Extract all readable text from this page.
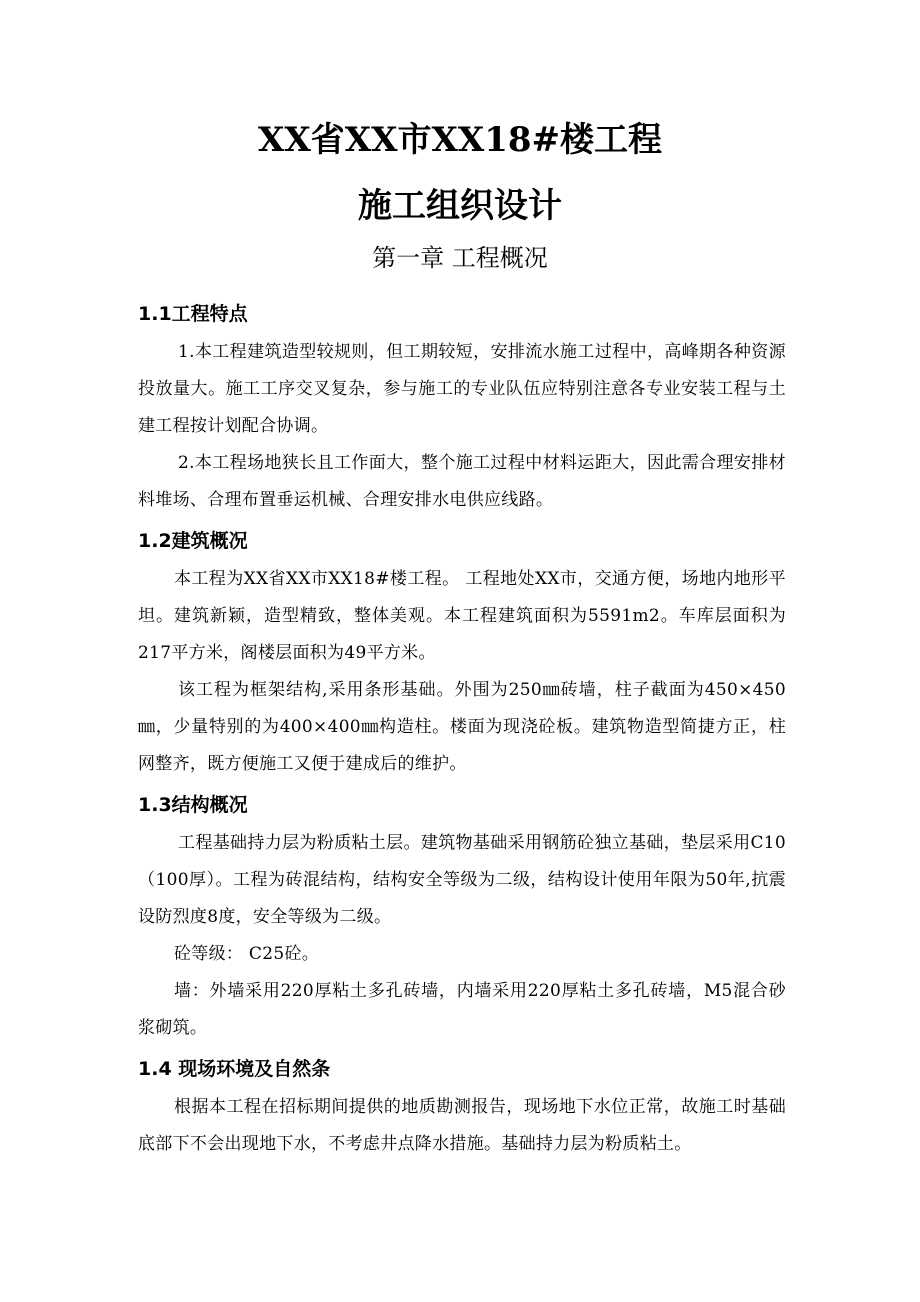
XX省XX市XX18#楼工程
施工组织设计
第一章 工程概况
1.1工程特点

1.本工程建筑造型较规则，但工期较短，安排流水施工过程中，高峰期各种资源投放量大。施工工序交叉复杂，参与施工的专业队伍应特别注意各专业安装工程与土建工程按计划配合协调。

2.本工程场地狭长且工作面大，整个施工过程中材料运距大，因此需合理安排材料堆场、合理布置垂运机械、合理安排水电供应线路。

1.2建筑概况

本工程为XX省XX市XX18#楼工程。 工程地处XX市，交通方便，场地内地形平坦。建筑新颖，造型精致，整体美观。本工程建筑面积为5591m2。车库层面积为217平方米，阁楼层面积为49平方米。

该工程为框架结构,采用条形基础。外围为250㎜砖墙，柱子截面为450×450㎜，少量特别的为400×400㎜构造柱。楼面为现浇砼板。建筑物造型简捷方正，柱网整齐，既方便施工又便于建成后的维护。

1.3结构概况

工程基础持力层为粉质粘土层。建筑物基础采用钢筋砼独立基础，垫层采用C10（100厚）。工程为砖混结构，结构安全等级为二级，结构设计使用年限为50年,抗震设防烈度8度，安全等级为二级。

砼等级： C25砼。

墙：外墙采用220厚粘土多孔砖墙，内墙采用220厚粘土多孔砖墙，M5混合砂浆砌筑。

1.4 现场环境及自然条

根据本工程在招标期间提供的地质勘测报告，现场地下水位正常，故施工时基础底部下不会出现地下水，不考虑井点降水措施。基础持力层为粉质粘土。
